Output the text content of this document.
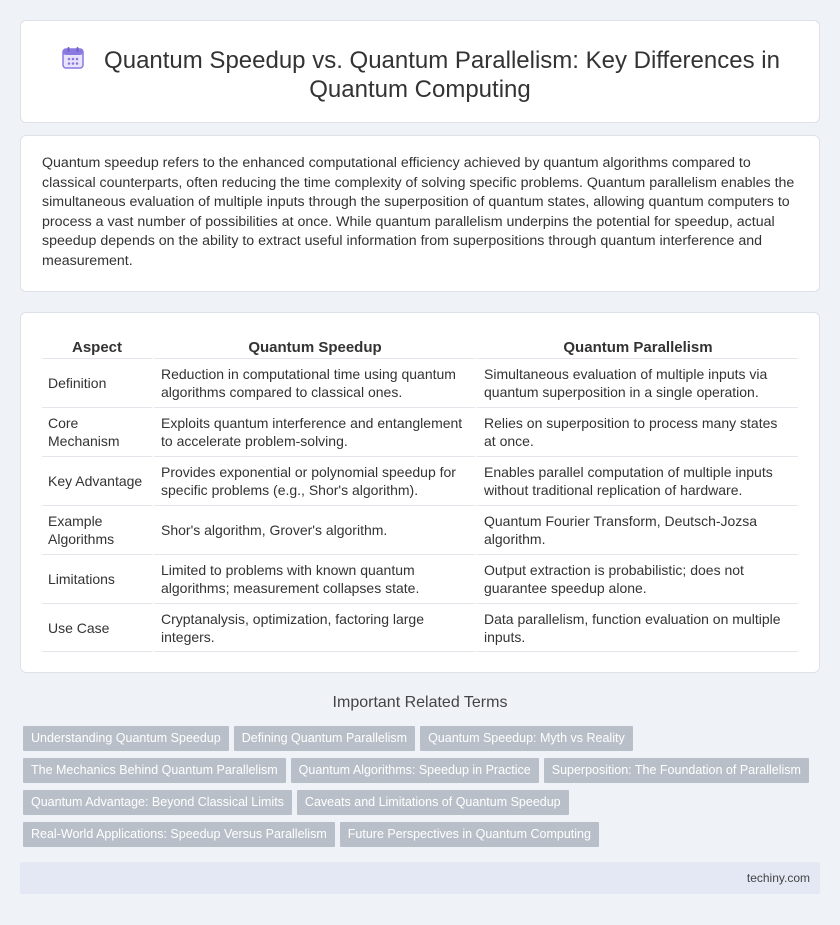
Quantum Speedup vs. Quantum Parallelism: Key Differences in
Quantum Computing

Quantum speedup refers to the enhanced computational efficiency achieved by quantum algorithms compared to classical counterparts, often reducing the time complexity of solving specific problems. Quantum parallelism enables the simultaneous evaluation of multiple inputs through the superposition of quantum states, allowing quantum computers to process a vast number of possibilities at once. While quantum parallelism underpins the potential for speedup, actual speedup depends on the ability to extract useful information from superpositions through quantum interference and measurement.

Aspect	Quantum Speedup	Quantum Parallelism
Definition	Reduction in computational time using quantum algorithms compared to classical ones.	Simultaneous evaluation of multiple inputs via quantum superposition in a single operation.
Core Mechanism	Exploits quantum interference and entanglement to accelerate problem-solving.	Relies on superposition to process many states at once.
Key Advantage	Provides exponential or polynomial speedup for specific problems (e.g., Shor's algorithm).	Enables parallel computation of multiple inputs without traditional replication of hardware.
Example Algorithms	Shor's algorithm, Grover's algorithm.	Quantum Fourier Transform, Deutsch-Jozsa algorithm.
Limitations	Limited to problems with known quantum algorithms; measurement collapses state.	Output extraction is probabilistic; does not guarantee speedup alone.
Use Case	Cryptanalysis, optimization, factoring large integers.	Data parallelism, function evaluation on multiple inputs.
Important Related Terms
Understanding Quantum Speedup Defining Quantum Parallelism Quantum Speedup: Myth vs Reality
The Mechanics Behind Quantum Parallelism Quantum Algorithms: Speedup in Practice Superposition: The Foundation of Parallelism
Quantum Advantage: Beyond Classical Limits Caveats and Limitations of Quantum Speedup
Real-World Applications: Speedup Versus Parallelism Future Perspectives in Quantum Computing
techiny.com
